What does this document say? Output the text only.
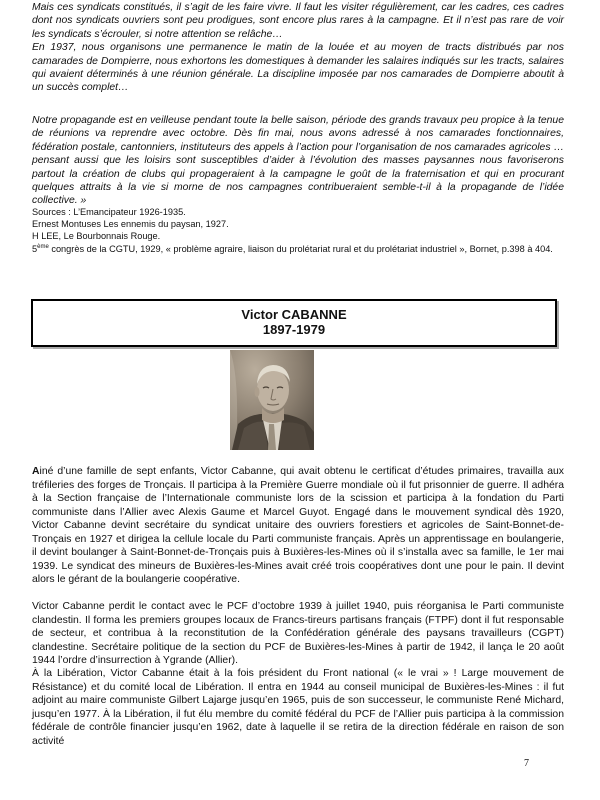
Mais ces syndicats constitués, il s’agit de les faire vivre. Il faut les visiter régulièrement, car les cadres, ces cadres dont nos syndicats ouvriers sont peu prodigues, sont encore plus rares à la campagne. Et il n’est pas rare de voir les syndicats s’écrouler, si notre attention se relâche…

En 1937, nous organisons une permanence le matin de la louée et au moyen de tracts distribués par nos camarades de Dompierre, nous exhortons les domestiques à demander les salaires indiqués sur les tracts, salaires qui avaient déterminés à une réunion générale. La discipline imposée par nos camarades de Dompierre aboutit à un succès complet…

Notre propagande est en veilleuse pendant toute la belle saison, période des grands travaux peu propice à la tenue de réunions va reprendre avec octobre. Dès fin mai, nous avons adressé à nos camarades fonctionnaires, fédération postale, cantonniers, instituteurs des appels à l’action pour l’organisation de nos camarades agricoles … pensant aussi que les loisirs sont susceptibles d’aider à l’évolution des masses paysannes nous favoriserons partout la création de clubs qui propageraient à la campagne le goût de la fraternisation et qui en procurant quelques attraits à la vie si morne de nos campagnes contribueraient semble-t-il à la propagande de l’idée collective. »

Sources : L’Emancipateur 1926-1935.
Ernest Montuses Les ennemis du paysan, 1927.
H LEE, Le Bourbonnais Rouge.
5ème congrès de la CGTU, 1929, « problème agraire, liaison du prolétariat rural et du prolétariat industriel », Bornet, p.398 à 404.
Victor CABANNE
1897-1979

Ainé d’une famille de sept enfants, Victor Cabanne, qui avait obtenu le certificat d’études primaires, travailla aux tréfileries des forges de Tronçais. Il participa à la Première Guerre mondiale où il fut prisonnier de guerre. Il adhéra à la Section française de l’Internationale communiste lors de la scission et participa à la fondation du Parti communiste dans l’Allier avec Alexis Gaume et Marcel Guyot. Engagé dans le mouvement syndical dès 1920, Victor Cabanne devint secrétaire du syndicat unitaire des ouvriers forestiers et agricoles de Saint-Bonnet-de-Tronçais en 1927 et dirigea la cellule locale du Parti communiste français. Après un apprentissage en boulangerie, il devint boulanger à Saint-Bonnet-de-Tronçais puis à Buxières-les-Mines où il s’installa avec sa famille, le 1er mai 1939. Le syndicat des mineurs de Buxières-les-Mines avait créé trois coopératives dont une pour le pain. Il devint alors le gérant de la boulangerie coopérative.

Victor Cabanne perdit le contact avec le PCF d’octobre 1939 à juillet 1940, puis réorganisa le Parti communiste clandestin. Il forma les premiers groupes locaux de Francs-tireurs partisans français (FTPF) dont il fut responsable de secteur, et contribua à la reconstitution de la Confédération générale des paysans travailleurs (CGPT) clandestine. Secrétaire politique de la section du PCF de Buxières-les-Mines à partir de 1942, il lança le 20 août 1944 l’ordre d’insurrection à Ygrande (Allier).

À la Libération, Victor Cabanne était à la fois président du Front national (« le vrai » ! Large mouvement de Résistance) et du comité local de Libération. Il entra en 1944 au conseil municipal de Buxières-les-Mines : il fut adjoint au maire communiste Gilbert Lajarge jusqu’en 1965, puis de son successeur, le communiste René Michard, jusqu’en 1977. À la Libération, il fut élu membre du comité fédéral du PCF de l’Allier puis participa à la commission fédérale de contrôle financier jusqu’en 1962, date à laquelle il se retira de la direction fédérale en raison de son activité

7
